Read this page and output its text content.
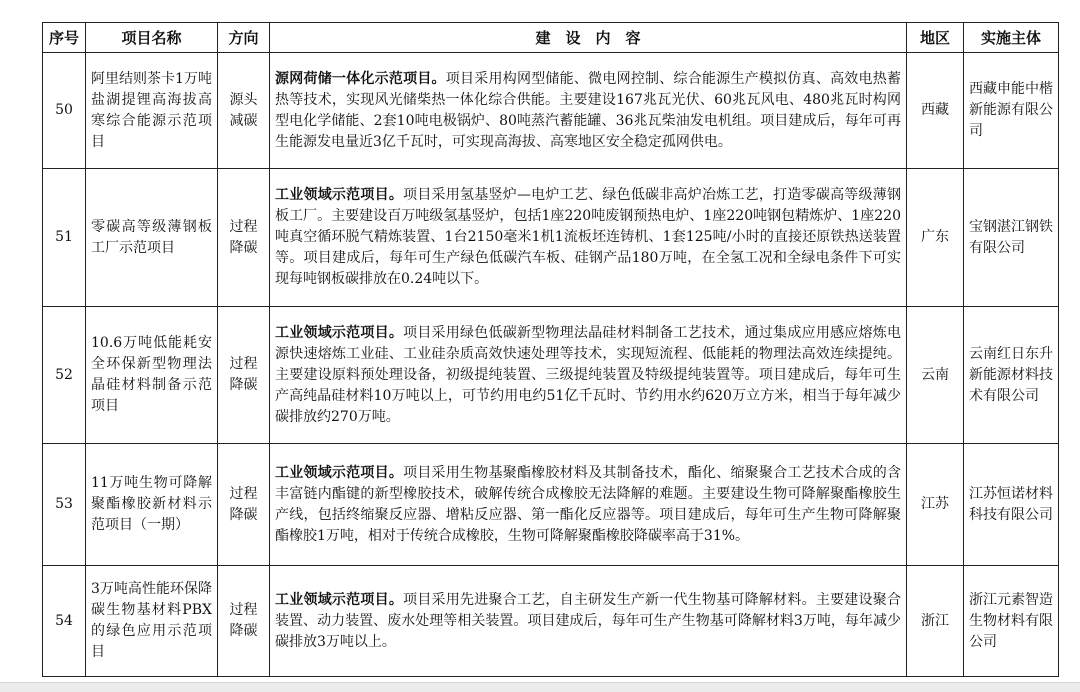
序号	项目名称	方向	建　设　内　容	地区	实施主体
50	阿里结则茶卡1万吨盐湖提锂高海拔高寒综合能源示范项目	源头减碳	源网荷储一体化示范项目。项目采用构网型储能、微电网控制、综合能源生产模拟仿真、高效电热蓄热等技术，实现风光储柴热一体化综合供能。主要建设167兆瓦光伏、60兆瓦风电、480兆瓦时构网型电化学储能、2套10吨电极锅炉、80吨蒸汽蓄能罐、36兆瓦柴油发电机组。项目建成后，每年可再生能源发电量近3亿千瓦时，可实现高海拔、高寒地区安全稳定孤网供电。	西藏	西藏申能中楷新能源有限公司
51	零碳高等级薄钢板工厂示范项目	过程降碳	工业领域示范项目。项目采用氢基竖炉—电炉工艺、绿色低碳非高炉冶炼工艺，打造零碳高等级薄钢板工厂。主要建设百万吨级氢基竖炉，包括1座220吨废钢预热电炉、1座220吨钢包精炼炉、1座220吨真空循环脱气精炼装置、1台2150毫米1机1流板坯连铸机、1套125吨/小时的直接还原铁热送装置等。项目建成后，每年可生产绿色低碳汽车板、硅钢产品180万吨，在全氢工况和全绿电条件下可实现每吨钢板碳排放在0.24吨以下。	广东	宝钢湛江钢铁有限公司
52	10.6万吨低能耗安全环保新型物理法晶硅材料制备示范项目	过程降碳	工业领域示范项目。项目采用绿色低碳新型物理法晶硅材料制备工艺技术，通过集成应用感应熔炼电源快速熔炼工业硅、工业硅杂质高效快速处理等技术，实现短流程、低能耗的物理法高效连续提纯。主要建设原料预处理设备，初级提纯装置、三级提纯装置及特级提纯装置等。项目建成后，每年可生产高纯晶硅材料10万吨以上，可节约用电约51亿千瓦时、节约用水约620万立方米，相当于每年减少碳排放约270万吨。	云南	云南红日东升新能源材料技术有限公司
53	11万吨生物可降解聚酯橡胶新材料示范项目（一期）	过程降碳	工业领域示范项目。项目采用生物基聚酯橡胶材料及其制备技术，酯化、缩聚聚合工艺技术合成的含丰富链内酯键的新型橡胶技术，破解传统合成橡胶无法降解的难题。主要建设生物可降解聚酯橡胶生产线，包括终缩聚反应器、增粘反应器、第一酯化反应器等。项目建成后，每年可生产生物可降解聚酯橡胶1万吨，相对于传统合成橡胶，生物可降解聚酯橡胶降碳率高于31%。	江苏	江苏恒诺材料科技有限公司
54	3万吨高性能环保降碳生物基材料PBX的绿色应用示范项目	过程降碳	工业领域示范项目。项目采用先进聚合工艺，自主研发生产新一代生物基可降解材料。主要建设聚合装置、动力装置、废水处理等相关装置。项目建成后，每年可生产生物基可降解材料3万吨，每年减少碳排放3万吨以上。	浙江	浙江元素智造生物材料有限公司
